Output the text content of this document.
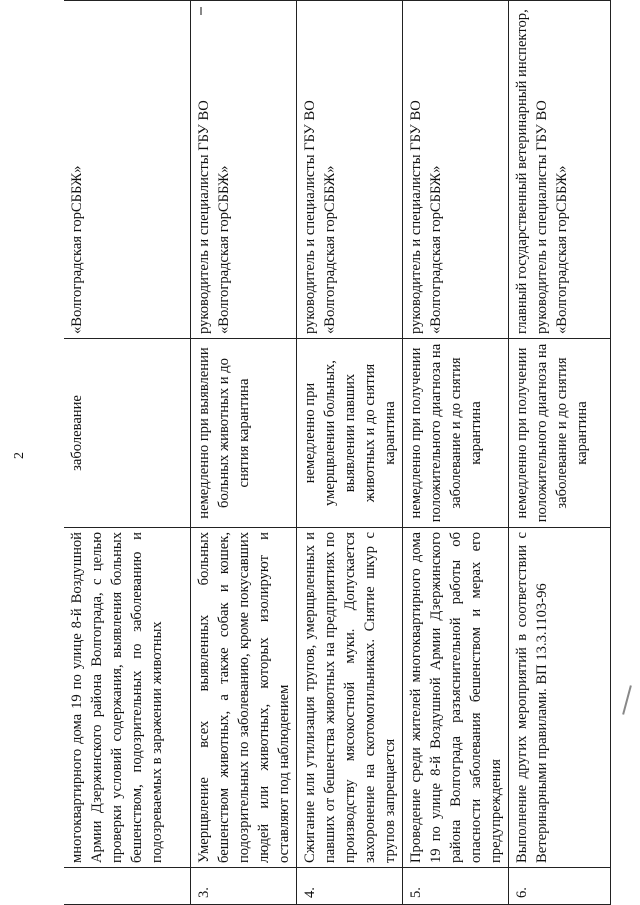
2
	многоквартирного дома 19 по улице 8-й Воздушной Армии Дзержинского района Волгограда, с целью проверки условий содержания, выявления больных бешенством, подозрительных по заболеванию и подозреваемых в заражении животных	заболевание	«Волгоградская горСББЖ»
3.	Умерщвление всех выявленных больных бешенством животных, а также собак и кошек, подозрительных по заболеванию, кроме покусавших людей или животных, которых изолируют и оставляют под наблюдением	немедленно при выявлении больных животных и до снятия карантина	руководитель и специалисты ГБУ ВО «Волгоградская горСББЖ»
4.	Сжигание или утилизация трупов, умерщвленных и павших от бешенства животных на предприятиях по производству мясокостной муки. Допускается захоронение на скотомогильниках. Снятие шкур с трупов запрещается	немедленно при умерщвлении больных, выявлении павших животных и до снятия карантина	руководитель и специалисты ГБУ ВО «Волгоградская горСББЖ»
5.	Проведение среди жителей многоквартирного дома 19 по улице 8-й Воздушной Армии Дзержинского района Волгограда разъяснительной работы об опасности заболевания бешенством и мерах его предупреждения	немедленно при получении положительного диагноза на заболевание и до снятия карантина	руководитель и специалисты ГБУ ВО «Волгоградская горСББЖ»
6.	Выполнение других мероприятий в соответствии с Ветеринарными правилами. ВП 13.3.1103-96	немедленно при получении положительного диагноза на заболевание и до снятия карантина	главный государственный ветеринарный инспектор, руководитель и специалисты ГБУ ВО «Волгоградская горСББЖ»
